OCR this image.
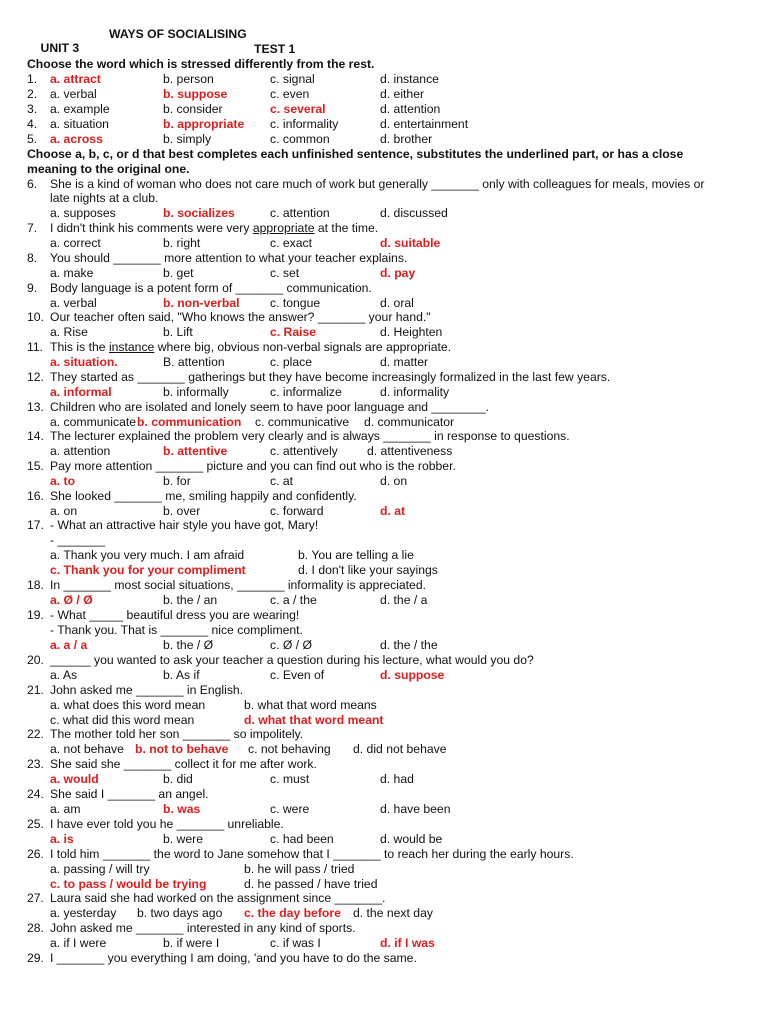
UNIT 3

WAYS OF SOCIALISING

TEST 1
Choose the word which is stressed differently from the rest.
1. a. attract	b. person	c. signal	d. instance
2. a. verbal	b. suppose	c. even	d. either
3. a. example	b. consider	c. several	d. attention
4. a. situation	b. appropriate c. informality	d. entertainment
5. a. across	b. simply	c. common	d. brother
Choose a, b, c, or d that best completes each unfinished sentence, substitutes the underlined part, or has a close
meaning to the original one.
6. She is a kind of woman who does not care much of work but generally _______ only with colleagues for meals, movies or
late nights at a club.
a. supposes	b. socializes	c. attention	d. discussed
7. I didn't think his comments were very appropriate at the time.
a. correct	b. right	c. exact	d. suitable
8. You should _______ more attention to what your teacher explains.
a. make	b. get	c. set	d. pay
9. Body language is a potent form of _______ communication.
a. verbal	b. non-verbal c. tongue	d. oral
10. Our teacher often said, "Who knows the answer? _______ your hand."
a. Rise	b. Lift	c. Raise	d. Heighten
11. This is the instance where big, obvious non-verbal signals are appropriate.
a. situation.	B. attention	c. place	d. matter
12. They started as _______ gatherings but they have become increasingly formalized in the last few years.
a. informal	b. informally	c. informalize	d. informality
13. Children who are isolated and lonely seem to have poor language and ________.
a. communicate b. communication c. communicative d. communicator
14. The lecturer explained the problem very clearly and is always _______ in response to questions.
a. attention	b. attentive	c. attentively d. attentiveness
15. Pay more attention _______ picture and you can find out who is the robber.
a. to	b. for	c. at	d. on
16. She looked _______ me, smiling happily and confidently.
a. on	b. over	c. forward	d. at
17. - What an attractive hair style you have got, Mary!
- _______
a. Thank you very much. I am afraid	b. You are telling a lie
c. Thank you for your compliment	d. I don't like your sayings
18. In _______ most social situations, _______ informality is appreciated.
a. Ø / Ø	b. the / an	c. a / the	d. the / a
19. - What _____ beautiful dress you are wearing!
- Thank you. That is _______ nice compliment.
a. a / a	b. the / Ø	c. Ø / Ø	d. the / the
20. ______ you wanted to ask your teacher a question during his lecture, what would you do?
a. As	b. As if	c. Even of	d. suppose
21. John asked me _______ in English.
a. what does this word mean	b. what that word means
c. what did this word mean	d. what that word meant
22. The mother told her son _______ so impolitely.
a. not behave b. not to behave c. not behaving d. did not behave
23. She said she _______ collect it for me after work.
a. would	b. did	c. must	d. had
24. She said I _______ an angel.
a. am	b. was	c. were	d. have been
25. I have ever told you he _______ unreliable.
a. is	b. were	c. had been	d. would be
26. I told him _______ the word to Jane somehow that I _______ to reach her during the early hours.
a. passing / will try	b. he will pass / tried
c. to pass / would be trying	d. he passed / have tried
27. Laura said she had worked on the assignment since _______.
a. yesterday b. two days ago c. the day before d. the next day
28. John asked me _______ interested in any kind of sports.
a. if I were	b. if were I	c. if was I	d. if I was
29. I _______ you everything I am doing, 'and you have to do the same.
